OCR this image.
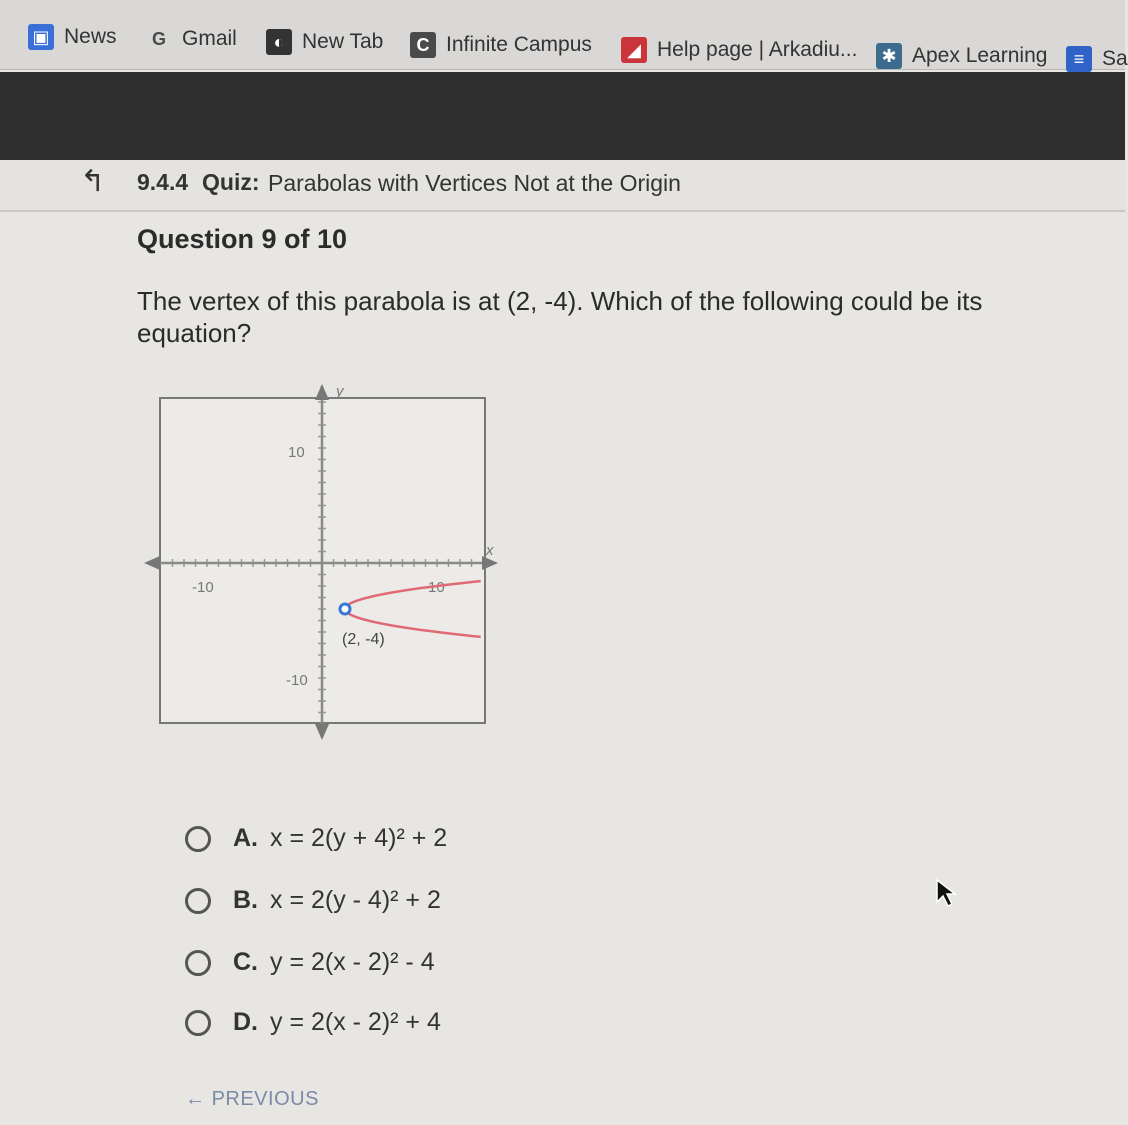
▣ News	G Gmail	◐ New Tab	C Infinite Campus	◢ Help page | Arkadiu...	✱ Apex Learning	≡ Sa
↰ 9.4.4 Quiz: Parabolas with Vertices Not at the Origin
Question 9 of 10
The vertex of this parabola is at (2, -4). Which of the following could be its equation?
y
x
10
-10	10
-10
(2, -4)
A. x = 2(y + 4)² + 2
B. x = 2(y - 4)² + 2
C. y = 2(x - 2)² - 4
D. y = 2(x - 2)² + 4
← PREVIOUS
